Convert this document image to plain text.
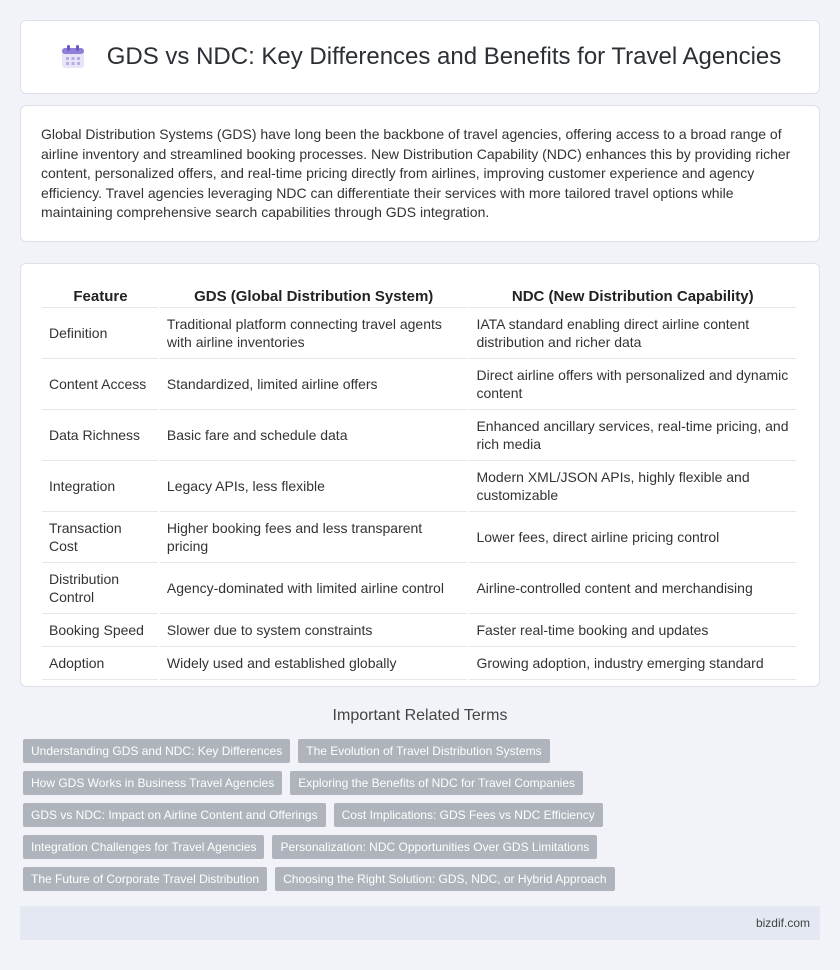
GDS vs NDC: Key Differences and Benefits for Travel Agencies

Global Distribution Systems (GDS) have long been the backbone of travel agencies, offering access to a broad range of airline inventory and streamlined booking processes. New Distribution Capability (NDC) enhances this by providing richer content, personalized offers, and real-time pricing directly from airlines, improving customer experience and agency efficiency. Travel agencies leveraging NDC can differentiate their services with more tailored travel options while maintaining comprehensive search capabilities through GDS integration.

Feature	GDS (Global Distribution System)	NDC (New Distribution Capability)
Definition	Traditional platform connecting travel agents with airline inventories	IATA standard enabling direct airline content distribution and richer data
Content Access	Standardized, limited airline offers	Direct airline offers with personalized and dynamic content
Data Richness	Basic fare and schedule data	Enhanced ancillary services, real-time pricing, and rich media
Integration	Legacy APIs, less flexible	Modern XML/JSON APIs, highly flexible and customizable
Transaction Cost	Higher booking fees and less transparent pricing	Lower fees, direct airline pricing control
Distribution Control	Agency-dominated with limited airline control	Airline-controlled content and merchandising
Booking Speed	Slower due to system constraints	Faster real-time booking and updates
Adoption	Widely used and established globally	Growing adoption, industry emerging standard
Important Related Terms
Understanding GDS and NDC: Key Differences	The Evolution of Travel Distribution Systems
How GDS Works in Business Travel Agencies	Exploring the Benefits of NDC for Travel Companies
GDS vs NDC: Impact on Airline Content and Offerings	Cost Implications: GDS Fees vs NDC Efficiency
Integration Challenges for Travel Agencies	Personalization: NDC Opportunities Over GDS Limitations
The Future of Corporate Travel Distribution	Choosing the Right Solution: GDS, NDC, or Hybrid Approach
bizdif.com
